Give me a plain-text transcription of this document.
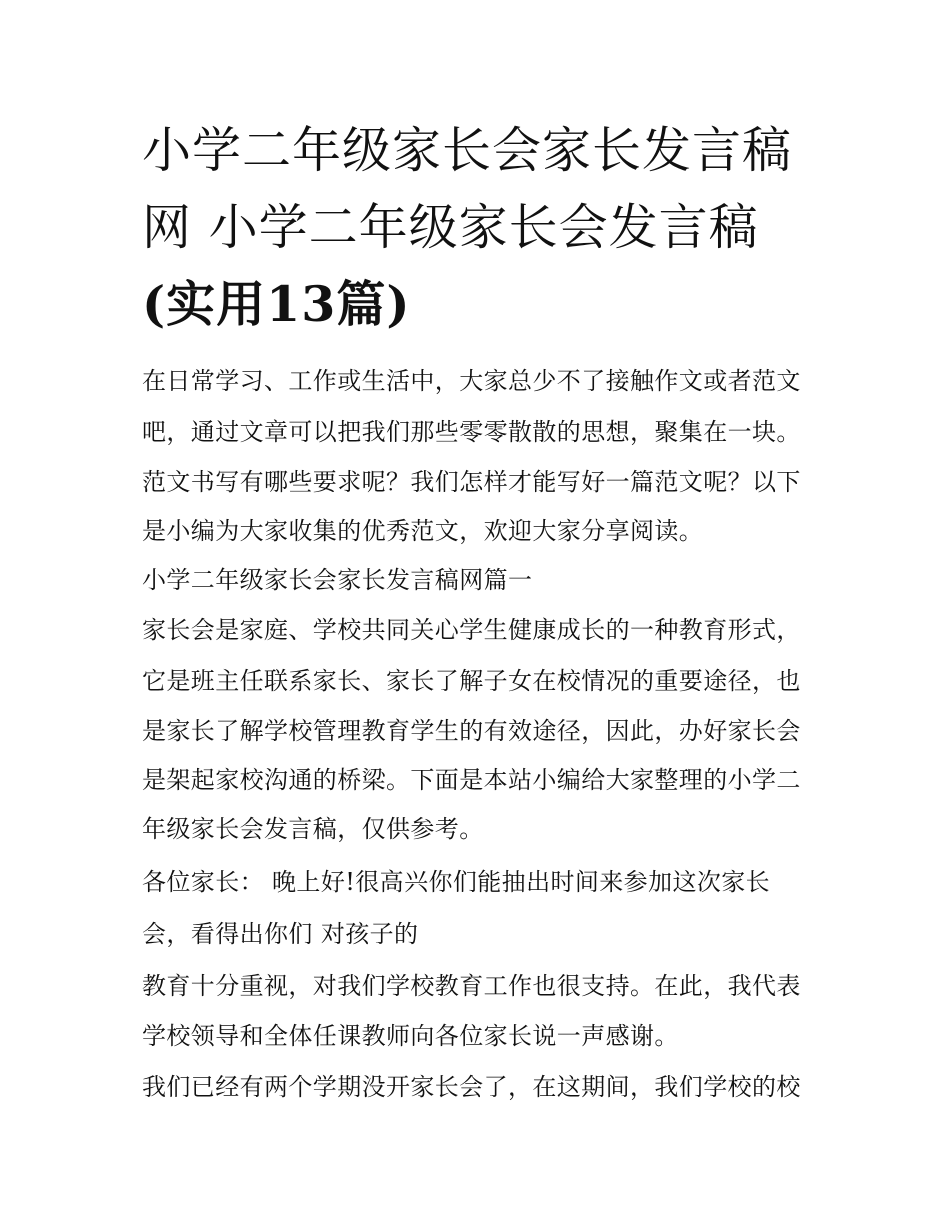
小学二年级家长会家长发言稿
网 小学二年级家长会发言稿
(实用13篇)

在日常学习、工作或生活中，大家总少不了接触作文或者范文

吧，通过文章可以把我们那些零零散散的思想，聚集在一块。

范文书写有哪些要求呢？我们怎样才能写好一篇范文呢？以下

是小编为大家收集的优秀范文，欢迎大家分享阅读。

小学二年级家长会家长发言稿网篇一

家长会是家庭、学校共同关心学生健康成长的一种教育形式，

它是班主任联系家长、家长了解子女在校情况的重要途径，也

是家长了解学校管理教育学生的有效途径，因此，办好家长会

是架起家校沟通的桥梁。下面是本站小编给大家整理的小学二

年级家长会发言稿，仅供参考。

各位家长： 晚上好!很高兴你们能抽出时间来参加这次家长

会，看得出你们 对孩子的

教育十分重视，对我们学校教育工作也很支持。在此，我代表

学校领导和全体任课教师向各位家长说一声感谢。

我们已经有两个学期没开家长会了，在这期间，我们学校的校
